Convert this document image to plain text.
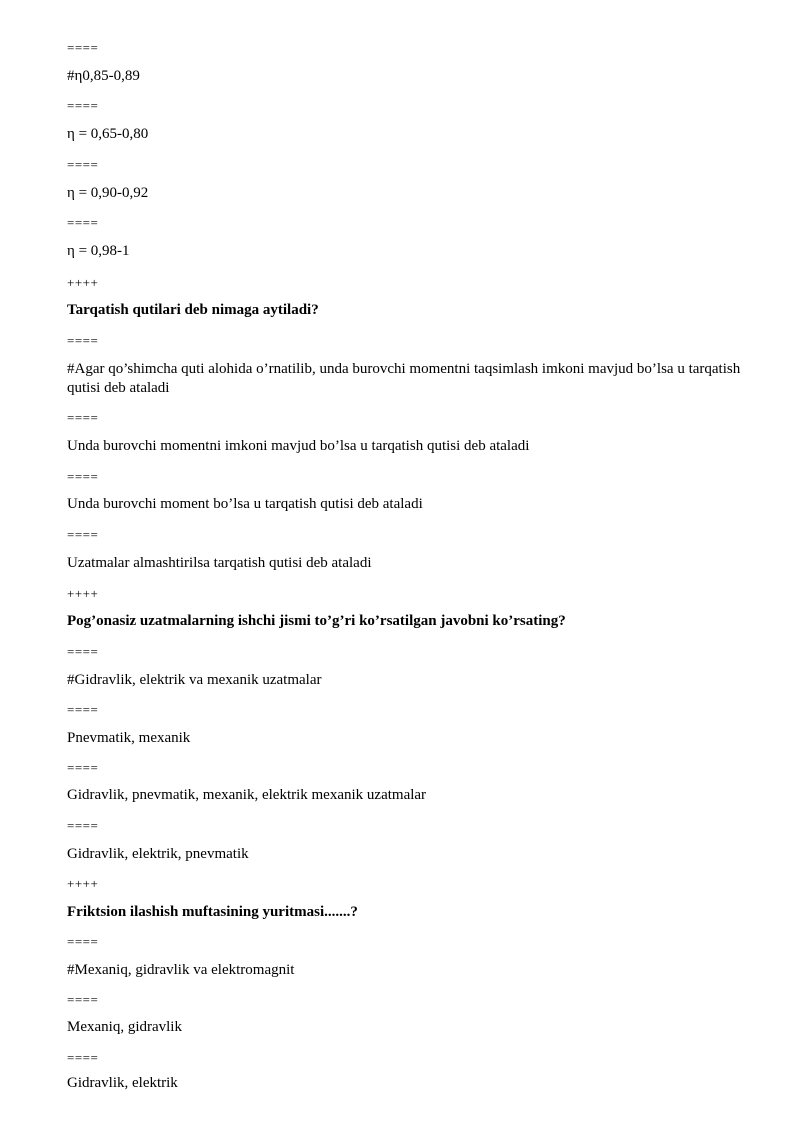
====
#η0,85-0,89
====
η = 0,65-0,80
====
η = 0,90-0,92
====
η = 0,98-1
++++
Tarqatish qutilari deb nimaga aytiladi?
====
#Agar qo’shimcha quti alohida o’rnatilib, unda burovchi momentni taqsimlash imkoni mavjud bo’lsa u tarqatish qutisi deb ataladi
====
Unda burovchi momentni imkoni mavjud bo’lsa u tarqatish qutisi deb ataladi
====
Unda burovchi moment bo’lsa u tarqatish qutisi deb ataladi
====
Uzatmalar almashtirilsa tarqatish qutisi deb ataladi
++++
Pog’onasiz uzatmalarning ishchi jismi to’g’ri ko’rsatilgan javobni ko’rsating?
====
#Gidravlik, elektrik va mexanik uzatmalar
====
Pnevmatik, mexanik
====
Gidravlik, pnevmatik, mexanik, elektrik mexanik uzatmalar
====
Gidravlik, elektrik, pnevmatik
++++
Friktsion ilashish muftasining yuritmasi.......?
====
#Mexaniq, gidravlik va elektromagnit
====
Mexaniq, gidravlik
====
Gidravlik, elektrik
